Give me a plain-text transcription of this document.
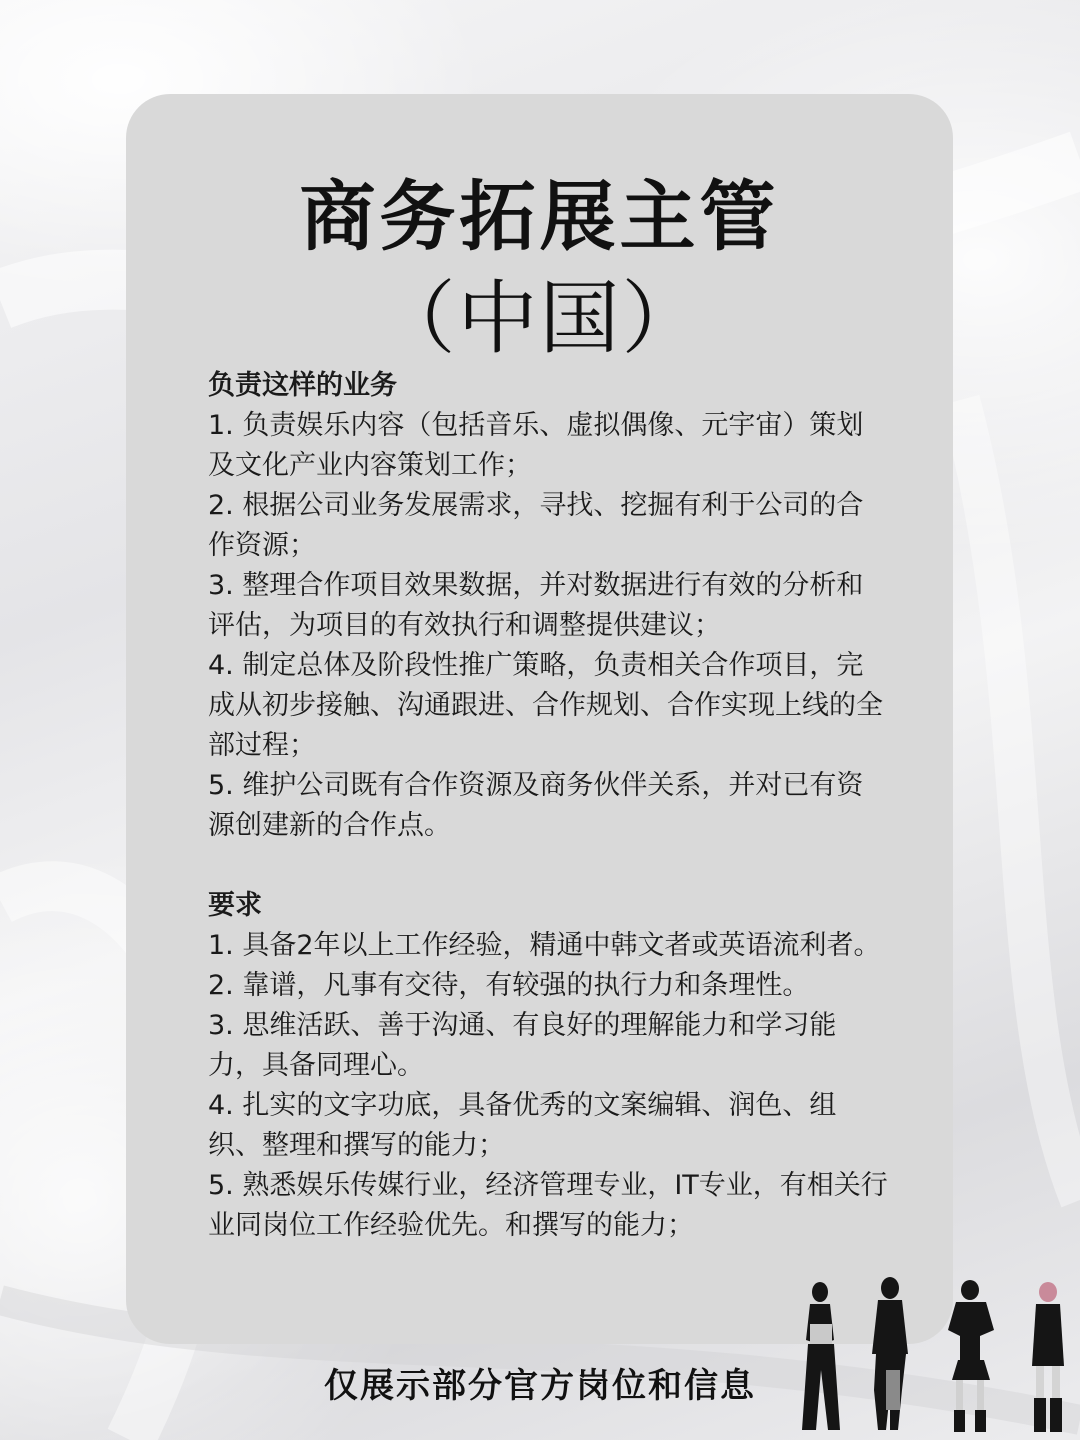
商务拓展主管
（中国）

负责这样的业务

1. 负责娱乐内容（包括音乐、虚拟偶像、元宇宙）策划及文化产业内容策划工作；

2. 根据公司业务发展需求，寻找、挖掘有利于公司的合作资源；

3. 整理合作项目效果数据，并对数据进行有效的分析和评估，为项目的有效执行和调整提供建议；

4. 制定总体及阶段性推广策略，负责相关合作项目，完成从初步接触、沟通跟进、合作规划、合作实现上线的全部过程；

5. 维护公司既有合作资源及商务伙伴关系，并对已有资源创建新的合作点。

要求

1. 具备2年以上工作经验，精通中韩文者或英语流利者。

2. 靠谱，凡事有交待，有较强的执行力和条理性。

3. 思维活跃、善于沟通、有良好的理解能力和学习能力，具备同理心。

4. 扎实的文字功底，具备优秀的文案编辑、润色、组织、整理和撰写的能力；

5. 熟悉娱乐传媒行业，经济管理专业，IT专业，有相关行业同岗位工作经验优先。和撰写的能力；

仅展示部分官方岗位和信息
